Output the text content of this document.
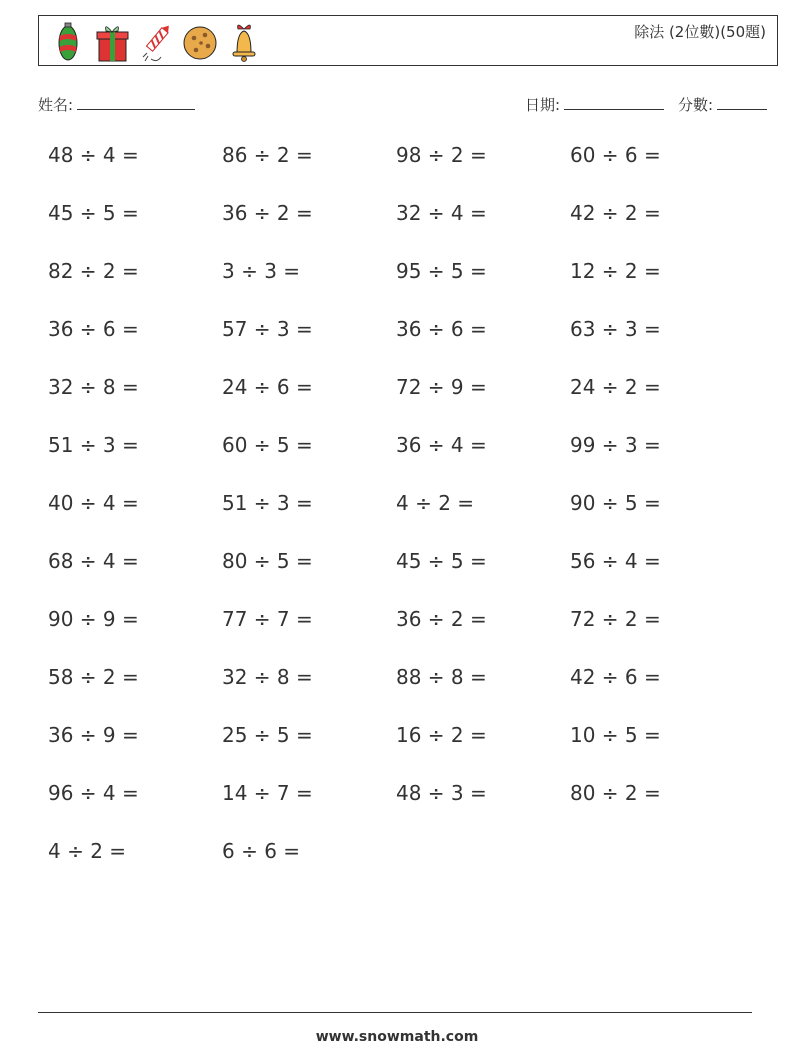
除法 (2位數)(50題)
姓名:	日期:	分數:
48 ÷ 4 =	86 ÷ 2 =	98 ÷ 2 =	60 ÷ 6 =
45 ÷ 5 =	36 ÷ 2 =	32 ÷ 4 =	42 ÷ 2 =
82 ÷ 2 =	3 ÷ 3 =	95 ÷ 5 =	12 ÷ 2 =
36 ÷ 6 =	57 ÷ 3 =	36 ÷ 6 =	63 ÷ 3 =
32 ÷ 8 =	24 ÷ 6 =	72 ÷ 9 =	24 ÷ 2 =
51 ÷ 3 =	60 ÷ 5 =	36 ÷ 4 =	99 ÷ 3 =
40 ÷ 4 =	51 ÷ 3 =	4 ÷ 2 =	90 ÷ 5 =
68 ÷ 4 =	80 ÷ 5 =	45 ÷ 5 =	56 ÷ 4 =
90 ÷ 9 =	77 ÷ 7 =	36 ÷ 2 =	72 ÷ 2 =
58 ÷ 2 =	32 ÷ 8 =	88 ÷ 8 =	42 ÷ 6 =
36 ÷ 9 =	25 ÷ 5 =	16 ÷ 2 =	10 ÷ 5 =
96 ÷ 4 =	14 ÷ 7 =	48 ÷ 3 =	80 ÷ 2 =
4 ÷ 2 =	6 ÷ 6 =
www.snowmath.com
